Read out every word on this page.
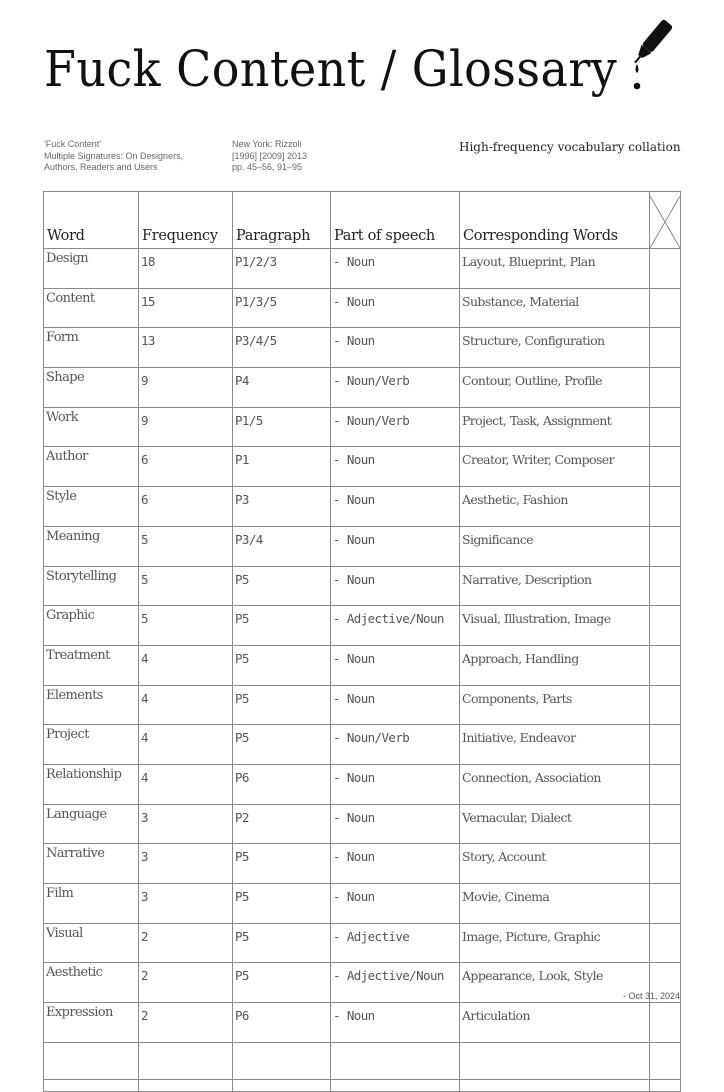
Fuck Content / Glossary
'Fuck Content'
Multiple Signatures: On Designers,
Authors, Readers and Users
New York: Rizzoli
[1996] [2009] 2013
pp. 45–56, 91–95
High-frequency vocabulary collation
Word	Frequency	Paragraph	Part of speech	Corresponding Words	

Design	18	P1/2/3	- Noun	Layout, Blueprint, Plan	
Content	15	P1/3/5	- Noun	Substance, Material	
Form	13	P3/4/5	- Noun	Structure, Configuration	
Shape	9	P4	- Noun/Verb	Contour, Outline, Profile	
Work	9	P1/5	- Noun/Verb	Project, Task, Assignment	
Author	6	P1	- Noun	Creator, Writer, Composer	
Style	6	P3	- Noun	Aesthetic, Fashion	
Meaning	5	P3/4	- Noun	Significance	
Storytelling	5	P5	- Noun	Narrative, Description	
Graphic	5	P5	- Adjective/Noun	Visual, Illustration, Image	
Treatment	4	P5	- Noun	Approach, Handling	
Elements	4	P5	- Noun	Components, Parts	
Project	4	P5	- Noun/Verb	Initiative, Endeavor	
Relationship	4	P6	- Noun	Connection, Association	
Language	3	P2	- Noun	Vernacular, Dialect	
Narrative	3	P5	- Noun	Story, Account	
Film	3	P5	- Noun	Movie, Cinema	
Visual	2	P5	- Adjective	Image, Picture, Graphic	
Aesthetic	2	P5	- Adjective/Noun	Appearance, Look, Style	
Expression	2	P6	- Noun	Articulation	

- Oct 31, 2024
